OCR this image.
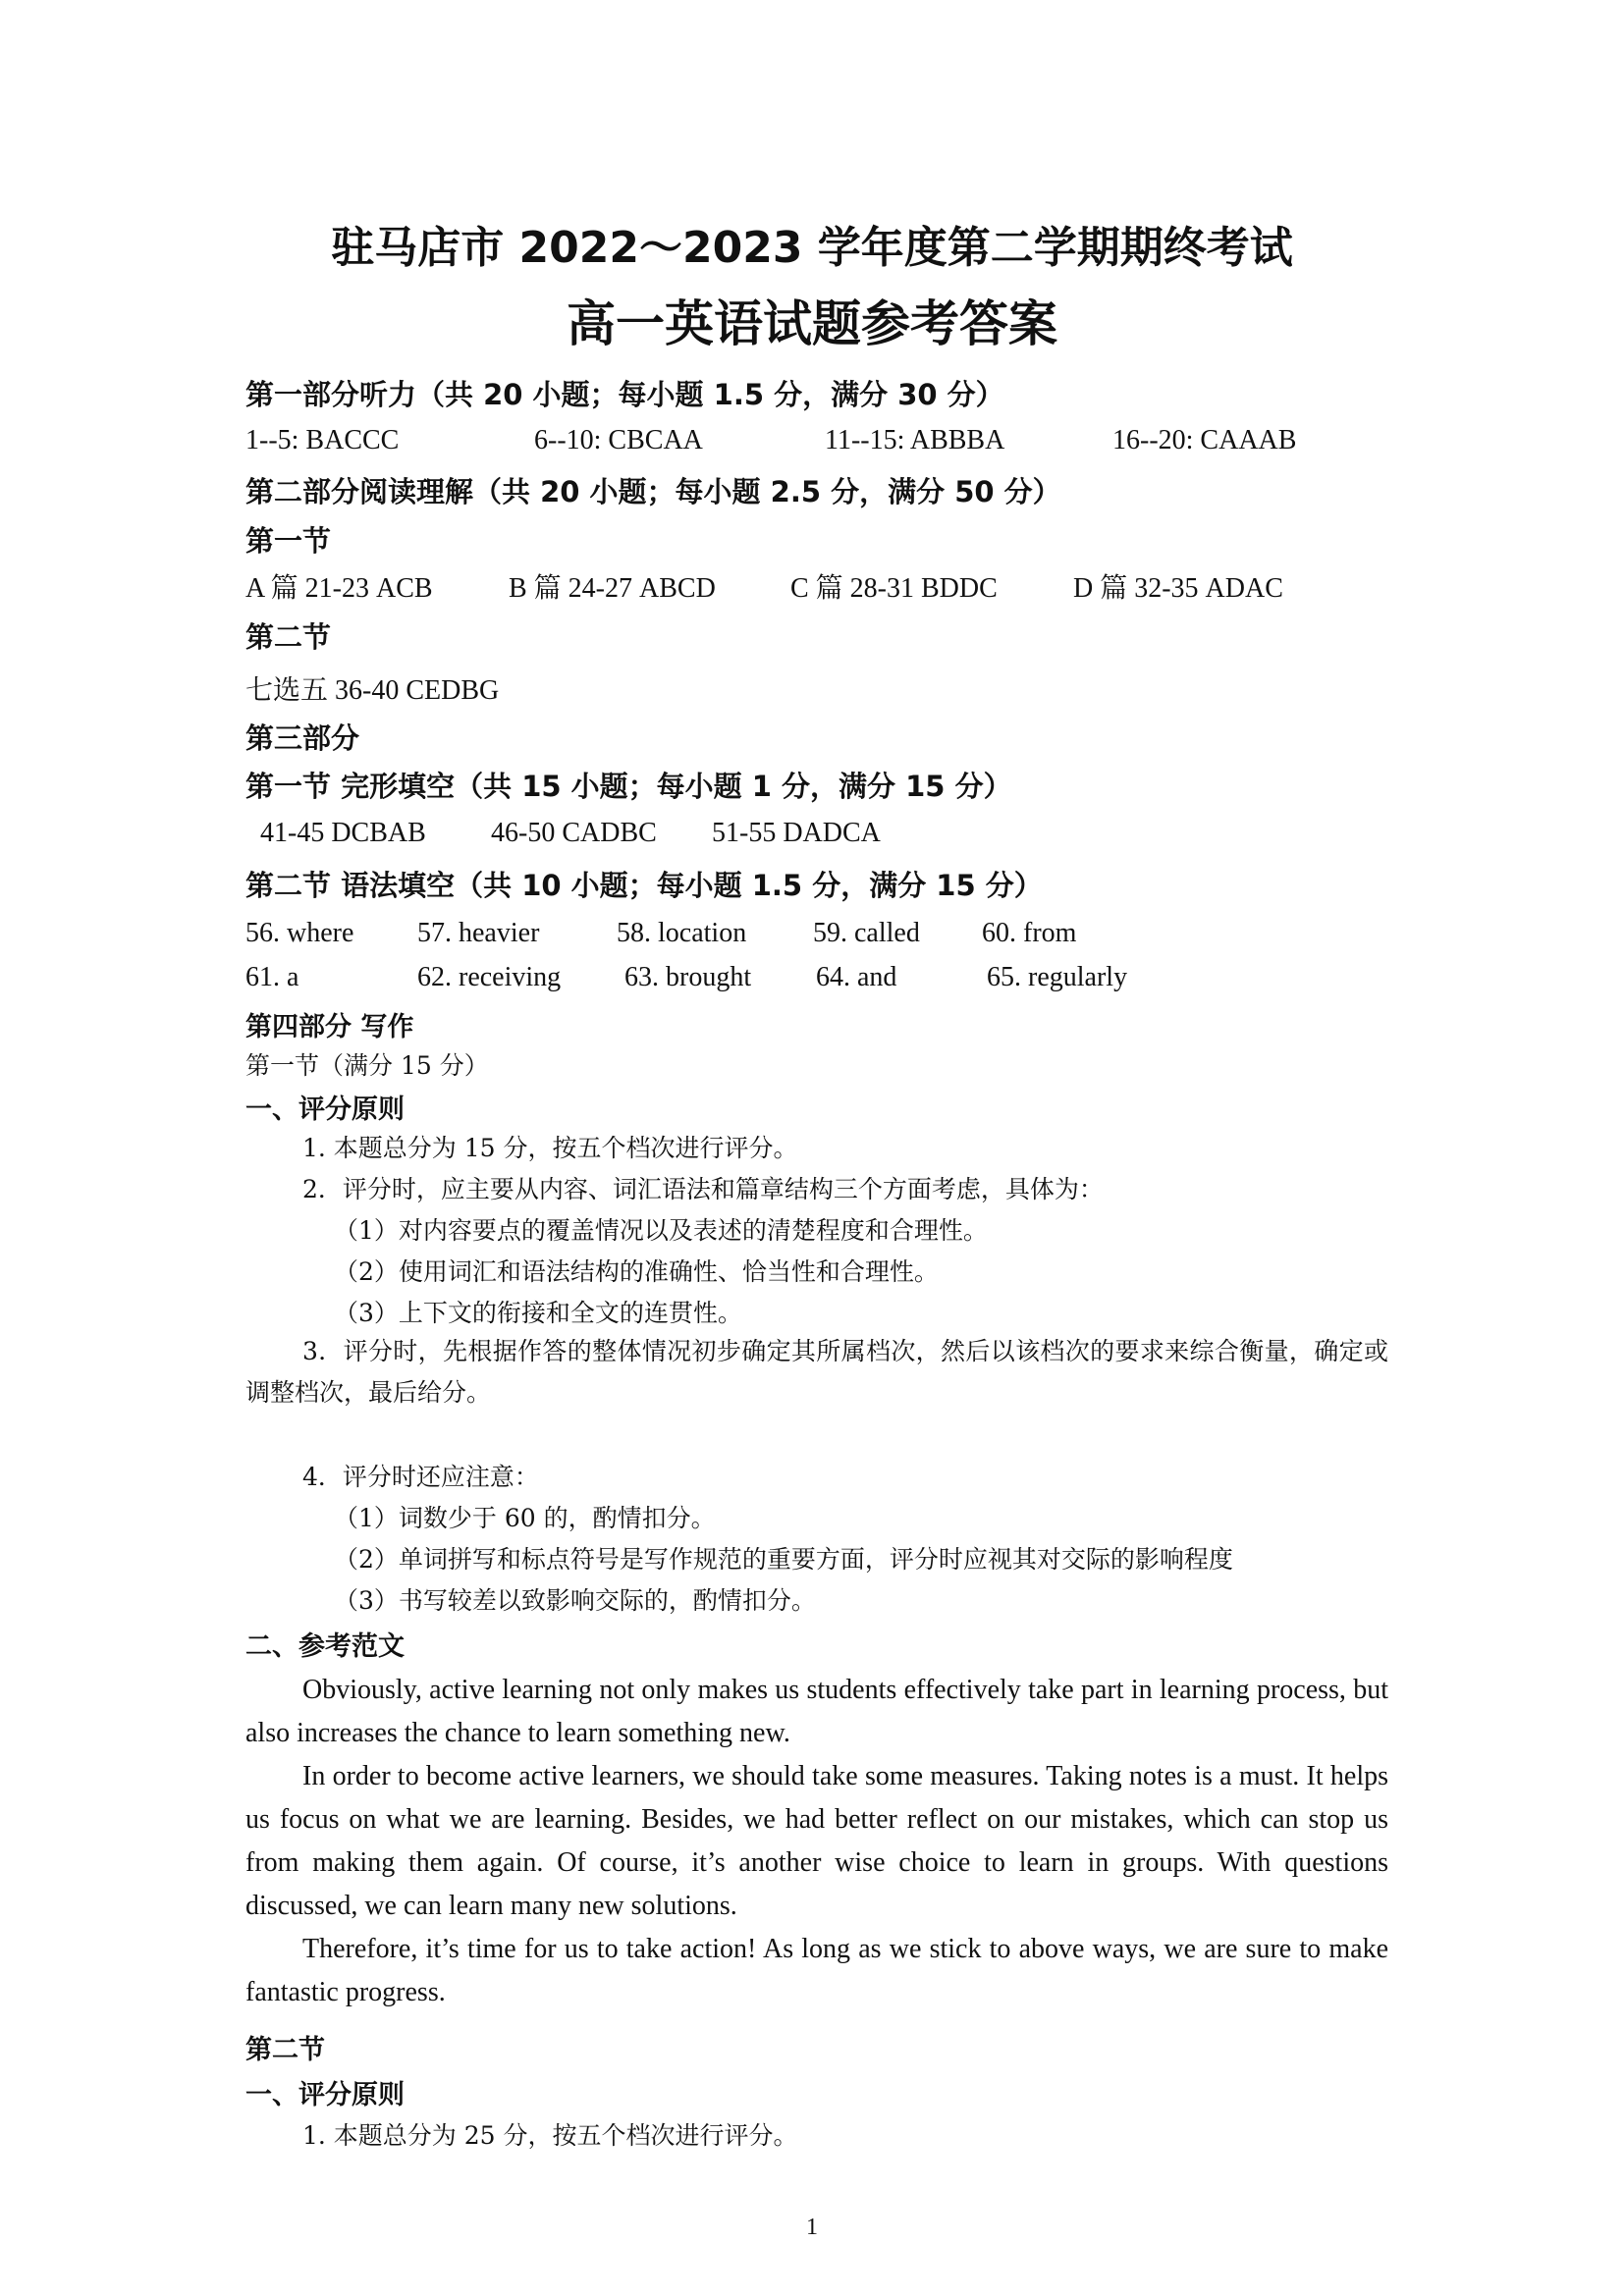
驻马店市 2022～2023 学年度第二学期期终考试
高一英语试题参考答案
第一部分听力（共 20 小题；每小题 1.5 分，满分 30 分）
1--5: BACCC	6--10: CBCAA	11--15: ABBBA	16--20: CAAAB
第二部分阅读理解（共 20 小题；每小题 2.5 分，满分 50 分）
第一节
A 篇 21-23 ACB	B 篇 24-27 ABCD	C 篇 28-31 BDDC	D 篇 32-35 ADAC
第二节
七选五 36-40 CEDBG
第三部分
第一节 完形填空（共 15 小题；每小题 1 分，满分 15 分）
41-45 DCBAB 46-50 CADBC 51-55 DADCA
第二节 语法填空（共 10 小题；每小题 1.5 分，满分 15 分）
56. where 57. heavier	58. location 59. called 60. from
61. a	62. receiving 63. brought 64. and	65. regularly
第四部分 写作
第一节（满分 15 分）
一、评分原则
1. 本题总分为 15 分，按五个档次进行评分。
2．评分时，应主要从内容、词汇语法和篇章结构三个方面考虑，具体为：
（1）对内容要点的覆盖情况以及表述的清楚程度和合理性。
（2）使用词汇和语法结构的准确性、恰当性和合理性。
（3）上下文的衔接和全文的连贯性。
3．评分时，先根据作答的整体情况初步确定其所属档次，然后以该档次的要求来综合衡量，确定或调整档次，最后给分。
4．评分时还应注意：
（1）词数少于 60 的，酌情扣分。
（2）单词拼写和标点符号是写作规范的重要方面，评分时应视其对交际的影响程度
（3）书写较差以致影响交际的，酌情扣分。
二、参考范文

Obviously, active learning not only makes us students effectively take part in learning process, but also increases the chance to learn something new.

In order to become active learners, we should take some measures. Taking notes is a must. It helps us focus on what we are learning. Besides, we had better reflect on our mistakes, which can stop us from making them again. Of course, it’s another wise choice to learn in groups. With questions discussed, we can learn many new solutions.

Therefore, it’s time for us to take action! As long as we stick to above ways, we are sure to make fantastic progress.

第二节
一、评分原则
1. 本题总分为 25 分，按五个档次进行评分。
1
